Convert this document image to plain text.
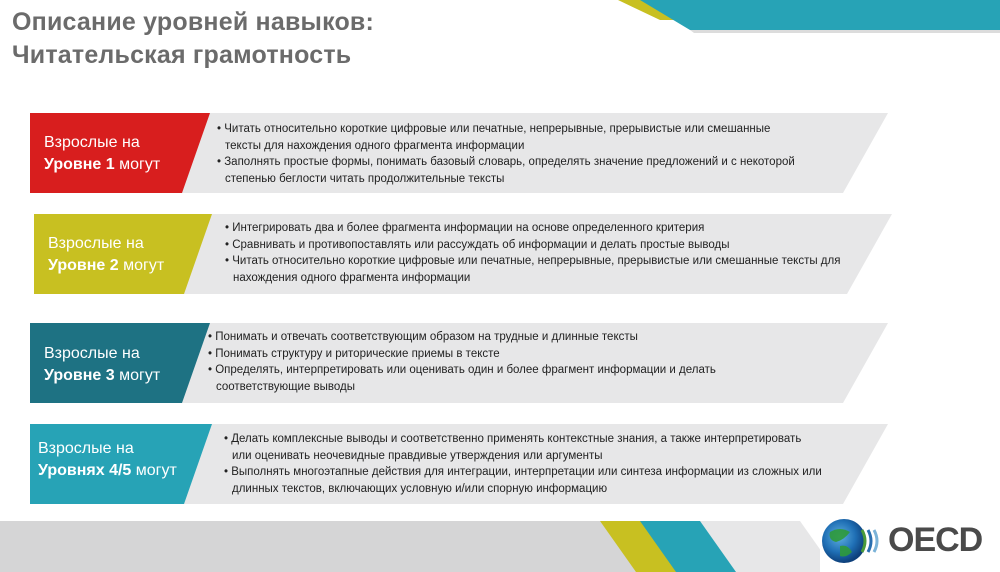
Описание уровней навыков:
Читательская грамотность
Взрослые на
Уровне 1 могут
• Читать относительно короткие цифровые или печатные, непрерывные, прерывистые или смешанные тексты для нахождения одного фрагмента информации
• Заполнять простые формы, понимать базовый словарь, определять значение предложений и с некоторой степенью беглости читать продолжительные тексты
Взрослые на
Уровне 2 могут
• Интегрировать два и более фрагмента информации на основе определенного критерия
• Сравнивать и противопоставлять или рассуждать об информации и делать простые выводы
• Читать относительно короткие цифровые или печатные, непрерывные, прерывистые или смешанные тексты для нахождения одного фрагмента информации
Взрослые на
Уровне 3 могут
• Понимать и отвечать соответствующим образом на трудные и длинные тексты
• Понимать структуру и риторические приемы в тексте
• Определять, интерпретировать или оценивать один и более фрагмент информации и делать соответствующие выводы
Взрослые на
Уровнях 4/5 могут
• Делать комплексные выводы и соответственно применять контекстные знания, а также интерпретировать или оценивать неочевидные правдивые утверждения или аргументы
• Выполнять многоэтапные действия для интеграции, интерпретации или синтеза информации из сложных или длинных текстов, включающих условную и/или спорную информацию
OECD
